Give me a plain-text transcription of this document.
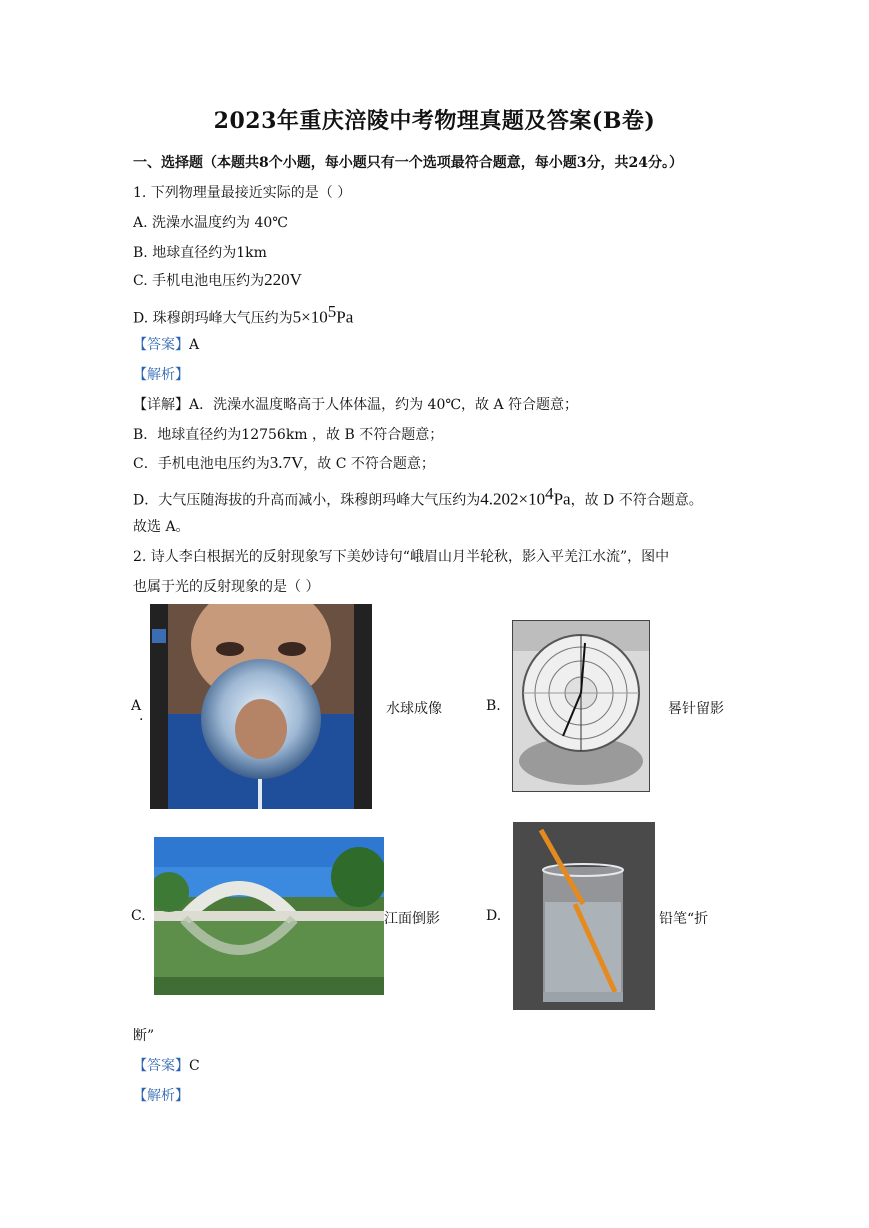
2023年重庆涪陵中考物理真题及答案(B卷)
一、选择题（本题共8个小题，每小题只有一个选项最符合题意，每小题3分，共24分。）
1. 下列物理量最接近实际的是（ ）
A. 洗澡水温度约为 40℃
B. 地球直径约为1km
C. 手机电池电压约为220V
D. 珠穆朗玛峰大气压约为$5\times 10^5Pa$
【答案】A
【解析】
【详解】A．洗澡水温度略高于人体体温，约为 40℃，故 A 符合题意；
B．地球直径约为12756km ，故 B 不符合题意；
C．手机电池电压约为3.7V，故 C 不符合题意；
D．大气压随海拔的升高而减小，珠穆朗玛峰大气压约为$4.202\times 10^4Pa$，故 D 不符合题意。
故选 A。
2. 诗人李白根据光的反射现象写下美妙诗句“峨眉山月半轮秋，影入平羌江水流”，图中
也属于光的反射现象的是（ ）
A
.	水球成像	B.	晷针留影
C.	江面倒影	D.	铅笔“折
断”
【答案】C
【解析】
